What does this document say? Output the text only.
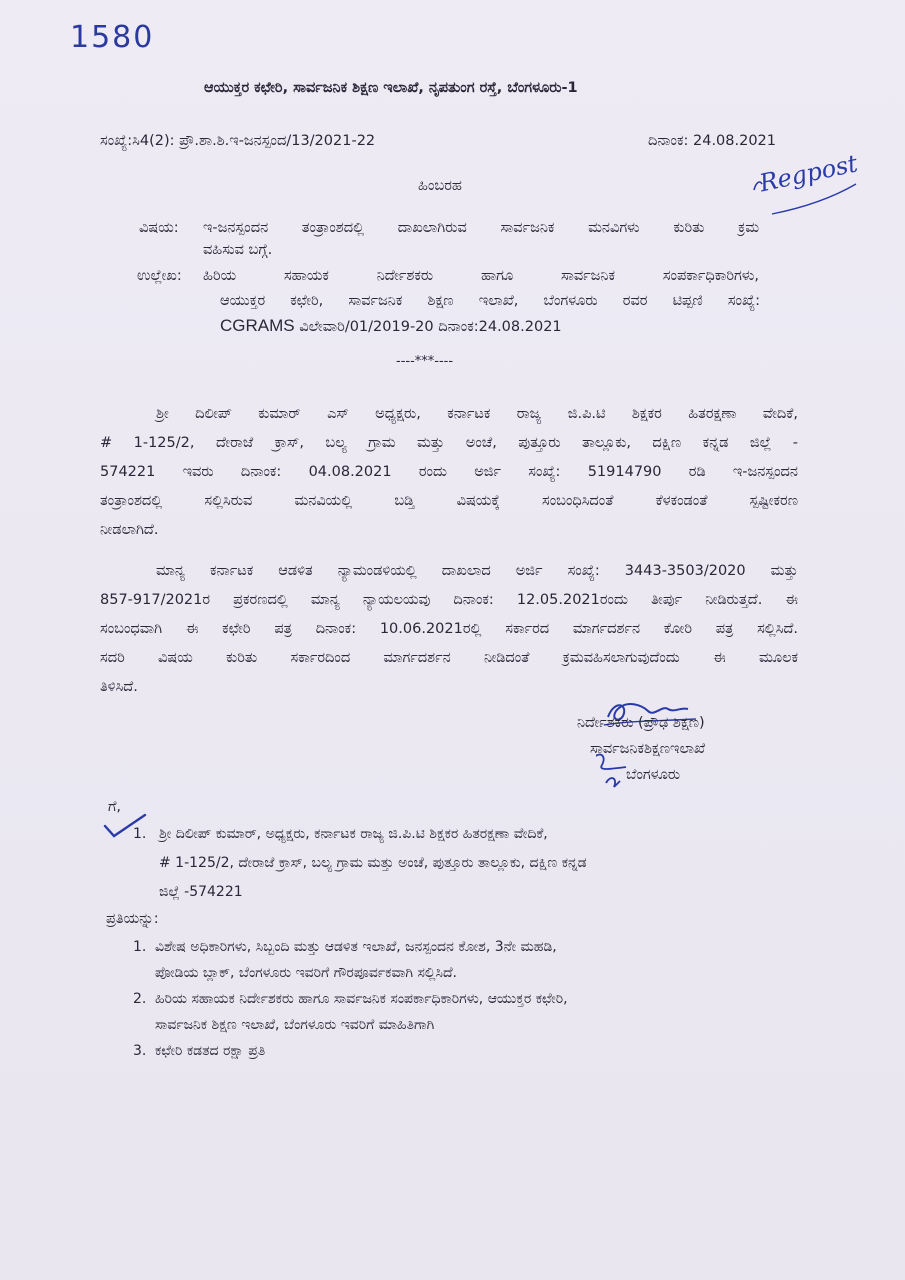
1580
ಆಯುಕ್ತರ ಕಛೇರಿ, ಸಾರ್ವಜನಿಕ ಶಿಕ್ಷಣ ಇಲಾಖೆ, ನೃಪತುಂಗ ರಸ್ತೆ, ಬೆಂಗಳೂರು-1
ಸಂಖ್ಯೆ:ಸಿ4(2): ಪ್ರೌ.ಶಾ.ಶಿ.ಇ-ಜನಸ್ಪಂದ/13/2021-22	ದಿನಾಂಕ: 24.08.2021
Regpost
ಹಿಂಬರಹ
ವಿಷಯ: ಇ-ಜನಸ್ಪಂದನ ತಂತ್ರಾಂಶದಲ್ಲಿ ದಾಖಲಾಗಿರುವ ಸಾರ್ವಜನಿಕ ಮನವಿಗಳು ಕುರಿತು ಕ್ರಮ
ವಹಿಸುವ ಬಗ್ಗೆ.
ಉಲ್ಲೇಖ: ಹಿರಿಯ ಸಹಾಯಕ ನಿರ್ದೇಶಕರು ಹಾಗೂ ಸಾರ್ವಜನಿಕ ಸಂಪರ್ಕಾಧಿಕಾರಿಗಳು,
ಆಯುಕ್ತರ ಕಛೇರಿ, ಸಾರ್ವಜನಿಕ ಶಿಕ್ಷಣ ಇಲಾಖೆ, ಬೆಂಗಳೂರು ರವರ ಟಿಪ್ಪಣಿ ಸಂಖ್ಯೆ:
CGRAMS ವಿಲೇವಾರಿ/01/2019-20 ದಿನಾಂಕ:24.08.2021
----***----
ಶ್ರೀ ದಿಲೀಪ್ ಕುಮಾರ್ ಎಸ್ ಅಧ್ಯಕ್ಷರು, ಕರ್ನಾಟಕ ರಾಜ್ಯ ಜಿ.ಪಿ.ಟಿ ಶಿಕ್ಷಕರ ಹಿತರಕ್ಷಣಾ ವೇದಿಕೆ,
# 1-125/2, ದೇರಾಜೆ ಕ್ರಾಸ್, ಬಲ್ಯ ಗ್ರಾಮ ಮತ್ತು ಅಂಚೆ, ಪುತ್ತೂರು ತಾಲ್ಲೂಕು, ದಕ್ಷಿಣ ಕನ್ನಡ ಜಿಲ್ಲೆ -
574221 ಇವರು ದಿನಾಂಕ: 04.08.2021 ರಂದು ಅರ್ಜಿ ಸಂಖ್ಯೆ: 51914790 ರಡಿ ಇ-ಜನಸ್ಪಂದನ
ತಂತ್ರಾಂಶದಲ್ಲಿ ಸಲ್ಲಿಸಿರುವ ಮನವಿಯಲ್ಲಿ ಬಡ್ತಿ ವಿಷಯಕ್ಕೆ ಸಂಬಂಧಿಸಿದಂತೆ ಕೆಳಕಂಡಂತೆ ಸ್ಪಷ್ಟೀಕರಣ
ನೀಡಲಾಗಿದೆ.
ಮಾನ್ಯ ಕರ್ನಾಟಕ ಆಡಳಿತ ನ್ಯಾಮಂಡಳಿಯಲ್ಲಿ ದಾಖಲಾದ ಅರ್ಜಿ ಸಂಖ್ಯೆ: 3443-3503/2020 ಮತ್ತು
857-917/2021ರ ಪ್ರಕರಣದಲ್ಲಿ ಮಾನ್ಯ ನ್ಯಾಯಲಯವು ದಿನಾಂಕ: 12.05.2021ರಂದು ತೀರ್ಪು ನೀಡಿರುತ್ತದೆ. ಈ
ಸಂಬಂಧವಾಗಿ ಈ ಕಛೇರಿ ಪತ್ರ ದಿನಾಂಕ: 10.06.2021ರಲ್ಲಿ ಸರ್ಕಾರದ ಮಾರ್ಗದರ್ಶನ ಕೋರಿ ಪತ್ರ ಸಲ್ಲಿಸಿದೆ.
ಸದರಿ ವಿಷಯ ಕುರಿತು ಸರ್ಕಾರದಿಂದ ಮಾರ್ಗದರ್ಶನ ನೀಡಿದಂತೆ ಕ್ರಮವಹಿಸಲಾಗುವುದೆಂದು ಈ ಮೂಲಕ
ತಿಳಿಸಿದೆ.
ನಿರ್ದೇಶಕರು (ಪ್ರೌಢ ಶಿಕ್ಷಣ)
ಸಾರ್ವಜನಿಕಶಿಕ್ಷಣಇಲಾಖೆ
ಬೆಂಗಳೂರು
ಗೆ,
1. ಶ್ರೀ ದಿಲೀಪ್ ಕುಮಾರ್, ಅಧ್ಯಕ್ಷರು, ಕರ್ನಾಟಕ ರಾಜ್ಯ ಜಿ.ಪಿ.ಟಿ ಶಿಕ್ಷಕರ ಹಿತರಕ್ಷಣಾ ವೇದಿಕೆ,
# 1-125/2, ದೇರಾಜೆ ಕ್ರಾಸ್, ಬಲ್ಯ ಗ್ರಾಮ ಮತ್ತು ಅಂಚೆ, ಪುತ್ತೂರು ತಾಲ್ಲೂಕು, ದಕ್ಷಿಣ ಕನ್ನಡ
ಜಿಲ್ಲೆ -574221
ಪ್ರತಿಯನ್ನು:
1. ವಿಶೇಷ ಅಧಿಕಾರಿಗಳು, ಸಿಬ್ಬಂದಿ ಮತ್ತು ಆಡಳಿತ ಇಲಾಖೆ, ಜನಸ್ಪಂದನ ಕೋಶ, 3ನೇ ಮಹಡಿ,
ಪೋಡಿಯ ಬ್ಲಾಕ್, ಬೆಂಗಳೂರು ಇವರಿಗೆ ಗೌರಪೂರ್ವಕವಾಗಿ ಸಲ್ಲಿಸಿದೆ.
2. ಹಿರಿಯ ಸಹಾಯಕ ನಿರ್ದೇಶಕರು ಹಾಗೂ ಸಾರ್ವಜನಿಕ ಸಂಪರ್ಕಾಧಿಕಾರಿಗಳು, ಆಯುಕ್ತರ ಕಛೇರಿ,
ಸಾರ್ವಜನಿಕ ಶಿಕ್ಷಣ ಇಲಾಖೆ, ಬೆಂಗಳೂರು ಇವರಿಗೆ ಮಾಹಿತಿಗಾಗಿ
3. ಕಛೇರಿ ಕಡತದ ರಕ್ಷಾ ಪ್ರತಿ
